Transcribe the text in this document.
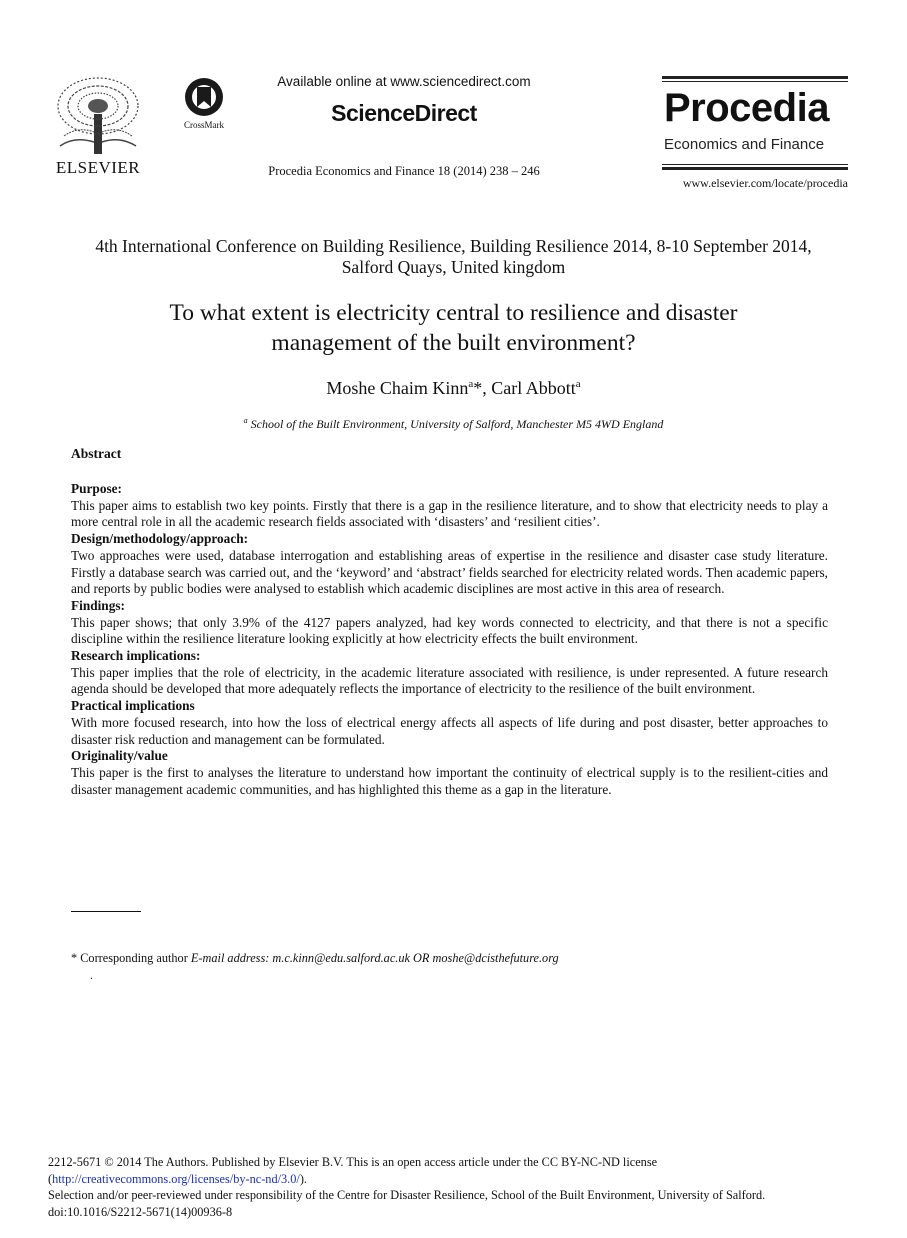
ELSEVIER
CrossMark
Available online at www.sciencedirect.com
ScienceDirect
Procedia Economics and Finance 18 (2014) 238 – 246
Procedia
Economics and Finance
www.elsevier.com/locate/procedia
4th International Conference on Building Resilience, Building Resilience 2014, 8-10 September 2014, Salford Quays, United kingdom
To what extent is electricity central to resilience and disaster
management of the built environment?
Moshe Chaim Kinn$^a$*, Carl Abbott$^a$
$^a$ School of the Built Environment, University of Salford, Manchester M5 4WD England
Abstract
Purpose:
This paper aims to establish two key points. Firstly that there is a gap in the resilience literature, and to show that electricity needs to play a more central role in all the academic research fields associated with ‘disasters’ and ‘resilient cities’.
Design/methodology/approach:
Two approaches were used, database interrogation and establishing areas of expertise in the resilience and disaster case study literature. Firstly a database search was carried out, and the ‘keyword’ and ‘abstract’ fields searched for electricity related words. Then academic papers, and reports by public bodies were analysed to establish which academic disciplines are most active in this area of research.
Findings:
This paper shows; that only 3.9% of the 4127 papers analyzed, had key words connected to electricity, and that there is not a specific discipline within the resilience literature looking explicitly at how electricity effects the built environment.
Research implications:
This paper implies that the role of electricity, in the academic literature associated with resilience, is under represented. A future research agenda should be developed that more adequately reflects the importance of electricity to the resilience of the built environment.
Practical implications
With more focused research, into how the loss of electrical energy affects all aspects of life during and post disaster, better approaches to disaster risk reduction and management can be formulated.
Originality/value
This paper is the first to analyses the literature to understand how important the continuity of electrical supply is to the resilient-cities and disaster management academic communities, and has highlighted this theme as a gap in the literature.
* Corresponding author E-mail address: m.c.kinn@edu.salford.ac.uk OR moshe@dcisthefuture.org
.
2212-5671 © 2014 The Authors. Published by Elsevier B.V. This is an open access article under the CC BY-NC-ND license
(http://creativecommons.org/licenses/by-nc-nd/3.0/).
Selection and/or peer-reviewed under responsibility of the Centre for Disaster Resilience, School of the Built Environment, University of Salford.
doi:10.1016/S2212-5671(14)00936-8
